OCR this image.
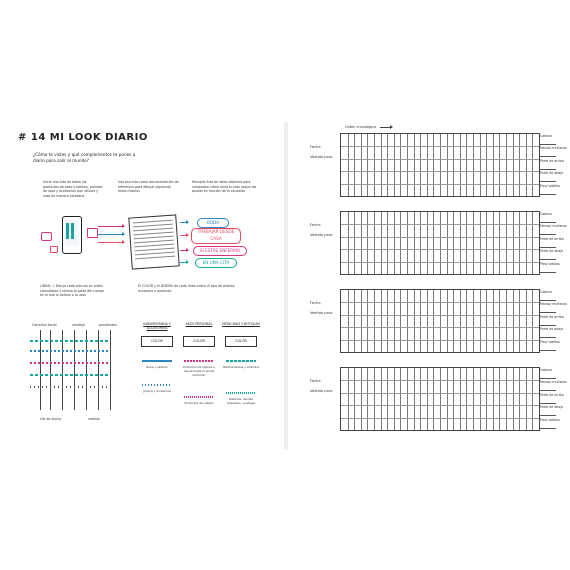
# 14 MI LOOK DIARIO
¿Cómo te vistes y qué complementos te pones a diario para salir al mundo?
Inicia una lista de todos los productos de aseo y belleza, prendas de ropa y accesorios que utilizas y usas de manera cotidiana
Usa esa lista como documentación de referencia para dibujar siguiendo estos mismos
Recopila lista de ideas distintas para comprobar cómo varía tu look según las pautas en función de tu situación
BODA
TRABAJAR DESDE CASA
SI ESTÁS ENFERMO
EN UNA CITA
LINEAL = Dibuja cada artículo en orden cronológico y señala la parte del cuerpo en la que lo aplicas o lo usas
El COLOR y el DISEÑO de cada línea indica el tipo de prenda, accesorio o producto
Corrector facial	vendaje	pendientes
Gel de ducha	vestido
INDUMENTARIA Y ACCESORIOS
ASEO PERSONAL	MEDICINAS Y BOTIQUÍN
COLOR	COLOR	COLOR
Ropa y calzado	Productos de higiene o desodorante (incluido perfume)
Medicamentos y vitamina
Joyería y accesorios
Productos de cabello
Materias, vendas limpiados, vendajes
Orden cronológico
Fecha
Vestido para
Cabeza
Manos/ muñecas
Parte de arriba
Parte de abajo
Pies/ tobillos
Fecha
Vestido para
Cabeza
Manos/ muñecas
Parte de arriba
Parte de abajo
Pies/ tobillos
Fecha
Vestido para
Cabeza
Manos/ muñecas
Parte de arriba
Parte de abajo
Pies/ tobillos
Fecha
Vestido para
Cabeza
Manos/ muñecas
Parte de arriba
Parte de abajo
Pies/ tobillos
